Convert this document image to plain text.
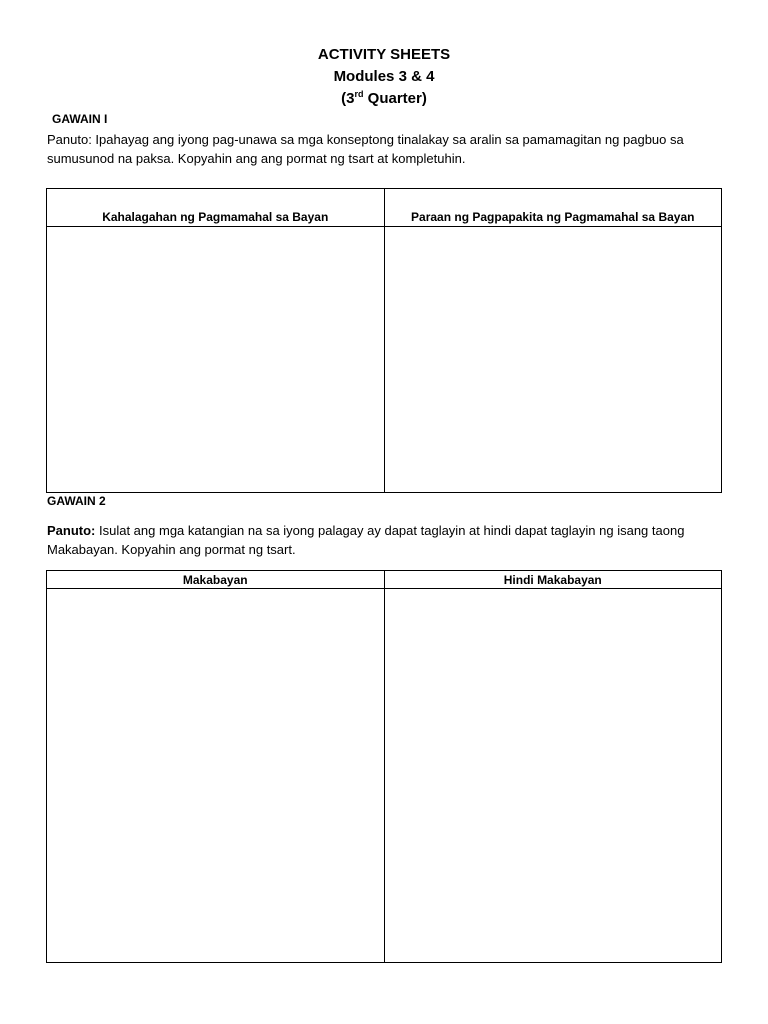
ACTIVITY SHEETS
Modules 3 & 4
(3rd Quarter)
GAWAIN I
Panuto: Ipahayag ang iyong pag-unawa sa mga konseptong tinalakay sa aralin sa pamamagitan ng pagbuo sa sumusunod na paksa. Kopyahin ang ang pormat ng tsart at kompletuhin.
Kahalagahan ng Pagmamahal sa Bayan	Paraan ng Pagpapakita ng Pagmamahal sa Bayan

GAWAIN 2
Panuto: Isulat ang mga katangian na sa iyong palagay ay dapat taglayin at hindi dapat taglayin ng isang taong Makabayan. Kopyahin ang pormat ng tsart.
Makabayan	Hindi Makabayan
